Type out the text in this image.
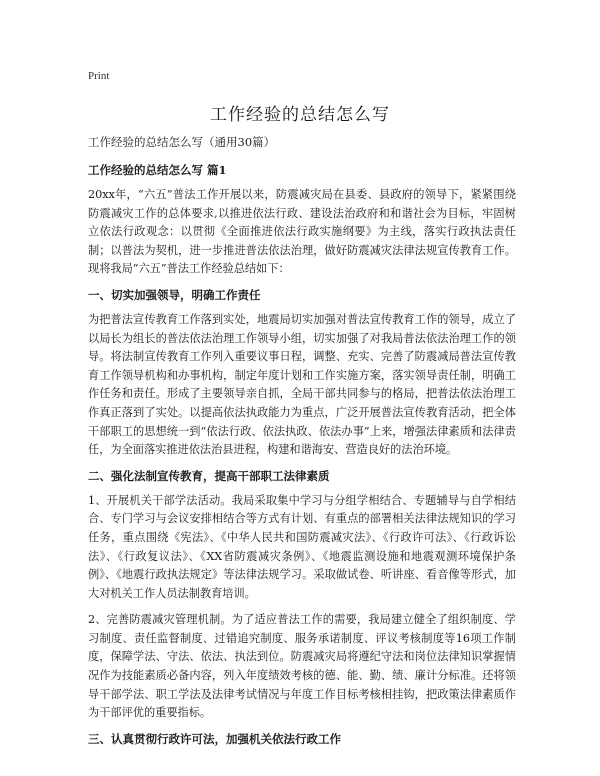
Print
工作经验的总结怎么写
工作经验的总结怎么写（通用30篇）
工作经验的总结怎么写 篇1

20xx年，“六五”普法工作开展以来，防震减灾局在县委、县政府的领导下，紧紧围绕防震减灾工作的总体要求,以推进依法行政、建设法治政府和和谐社会为目标，牢固树立依法行政观念：以贯彻《全面推进依法行政实施纲要》为主线，落实行政执法责任制；以普法为契机，进一步推进普法依法治理，做好防震减灾法律法规宣传教育工作。现将我局“六五”普法工作经验总结如下：

一、切实加强领导，明确工作责任

为把普法宣传教育工作落到实处，地震局切实加强对普法宣传教育工作的领导，成立了以局长为组长的普法依法治理工作领导小组，切实加强了对我局普法依法治理工作的领导。将法制宣传教育工作列入重要议事日程，调整、充实、完善了防震减局普法宣传教育工作领导机构和办事机构，制定年度计划和工作实施方案，落实领导责任制，明确工作任务和责任。形成了主要领导亲自抓，全局干部共同参与的格局，把普法依法治理工作真正落到了实处。以提高依法执政能力为重点，广泛开展普法宣传教育活动，把全体干部职工的思想统一到“依法行政、依法执政、依法办事”上来，增强法律素质和法律责任，为全面落实推进依法治县进程，构建和谐海安、营造良好的法治环境。

二、强化法制宣传教育，提高干部职工法律素质

1、开展机关干部学法活动。我局采取集中学习与分组学相结合、专题辅导与自学相结合、专门学习与会议安排相结合等方式有计划、有重点的部署相关法律法规知识的学习任务，重点围绕《宪法》、《中华人民共和国防震减灾法》、《行政许可法》、《行政诉讼法》、《行政复议法》、《XX省防震减灾条例》、《地震监测设施和地震观测环境保护条例》、《地震行政执法规定》等法律法规学习。采取做试卷、听讲座、看音像等形式，加大对机关工作人员法制教育培训。

2、完善防震减灾管理机制。为了适应普法工作的需要，我局建立健全了组织制度、学习制度、责任监督制度、过错追究制度、服务承诺制度、评议考核制度等16项工作制度，保障学法、守法、依法、执法到位。防震减灾局将遵纪守法和岗位法律知识掌握情况作为技能素质必备内容，列入年度绩效考核的德、能、勤、绩、廉计分标准。还将领导干部学法、职工学法及法律考试情况与年度工作目标考核相挂钩，把政策法律素质作为干部评优的重要指标。

三、认真贯彻行政许可法，加强机关依法行政工作
